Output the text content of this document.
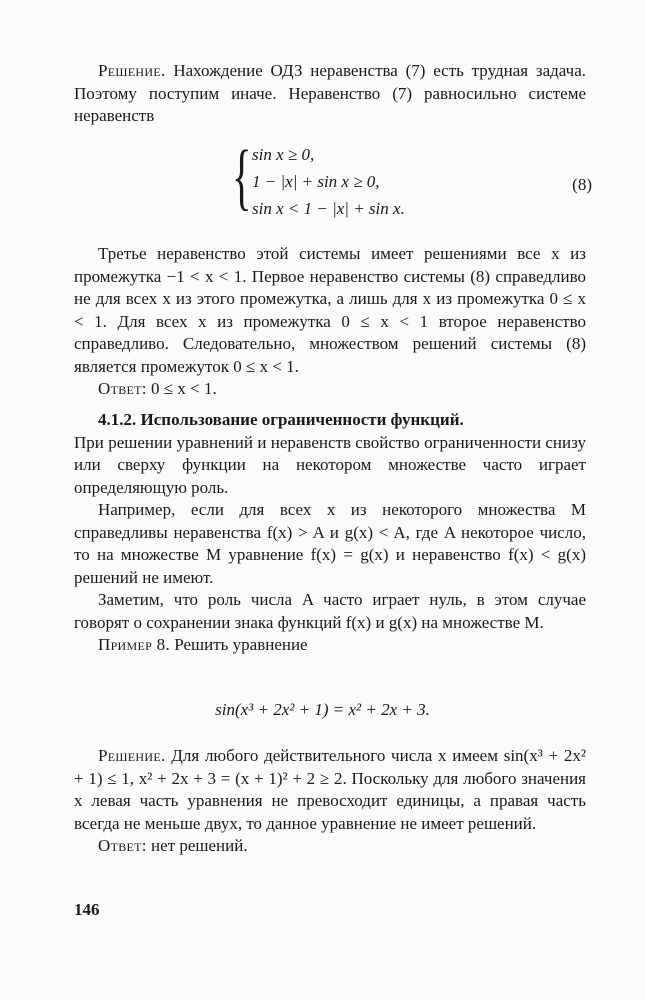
Решение. Нахождение ОДЗ неравенства (7) есть трудная задача. Поэтому поступим иначе. Неравенство (7) равносильно системе неравенств

{ sin x ≥ 0,
1 − |x| + sin x ≥ 0,
sin x < 1 − |x| + sin x.
(8)

Третье неравенство этой системы имеет решениями все x из промежутка −1 < x < 1. Первое неравенство системы (8) справедливо не для всех x из этого промежутка, а лишь для x из промежутка 0 ≤ x < 1. Для всех x из промежутка 0 ≤ x < 1 второе неравенство справедливо. Следовательно, множеством решений системы (8) является промежуток 0 ≤ x < 1.

Ответ: 0 ≤ x < 1.

4.1.2. Использование ограниченности функций.

При решении уравнений и неравенств свойство ограниченности снизу или сверху функции на некотором множестве часто играет определяющую роль.

Например, если для всех x из некоторого множества M справедливы неравенства f(x) > A и g(x) < A, где A некоторое число, то на множестве M уравнение f(x) = g(x) и неравенство f(x) < g(x) решений не имеют.

Заметим, что роль числа A часто играет нуль, в этом случае говорят о сохранении знака функций f(x) и g(x) на множестве M.

Пример 8. Решить уравнение

sin(x³ + 2x² + 1) = x² + 2x + 3.

Решение. Для любого действительного числа x имеем sin(x³ + 2x² + 1) ≤ 1, x² + 2x + 3 = (x + 1)² + 2 ≥ 2. Поскольку для любого значения x левая часть уравнения не превосходит единицы, а правая часть всегда не меньше двух, то данное уравнение не имеет решений.

Ответ: нет решений.

146
